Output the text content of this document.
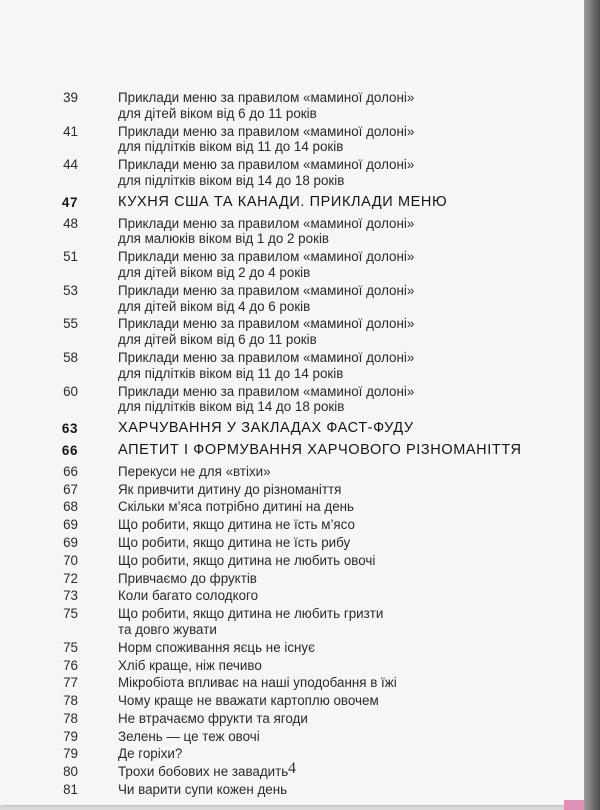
39	Приклади меню за правилом «маминої долоні»
для дітей віком від 6 до 11 років
41	Приклади меню за правилом «маминої долоні»
для підлітків віком від 11 до 14 років
44	Приклади меню за правилом «маминої долоні»
для підлітків віком від 14 до 18 років
47	КУХНЯ США ТА КАНАДИ. ПРИКЛАДИ МЕНЮ
48	Приклади меню за правилом «маминої долоні»
для малюків віком від 1 до 2 років
51	Приклади меню за правилом «маминої долоні»
для дітей віком від 2 до 4 років
53	Приклади меню за правилом «маминої долоні»
для дітей віком від 4 до 6 років
55	Приклади меню за правилом «маминої долоні»
для дітей віком від 6 до 11 років
58	Приклади меню за правилом «маминої долоні»
для підлітків віком від 11 до 14 років
60	Приклади меню за правилом «маминої долоні»
для підлітків віком від 14 до 18 років
63	ХАРЧУВАННЯ У ЗАКЛАДАХ ФАСТ-ФУДУ
66	АПЕТИТ І ФОРМУВАННЯ ХАРЧОВОГО РІЗНОМАНІТТЯ
66	Перекуси не для «втіхи»
67	Як привчити дитину до різноманіття
68	Скільки м’яса потрібно дитині на день
69	Що робити, якщо дитина не їсть м’ясо
69	Що робити, якщо дитина не їсть рибу
70	Що робити, якщо дитина не любить овочі
72	Привчаємо до фруктів
73	Коли багато солодкого
75	Що робити, якщо дитина не любить гризти
та довго жувати
75	Норм споживання яєць не існує
76	Хліб краще, ніж печиво
77	Мікробіота впливає на наші уподобання в їжі
78	Чому краще не вважати картоплю овочем
78	Не втрачаємо фрукти та ягоди
79	Зелень — це теж овочі
79	Де горіхи?
80	Трохи бобових не завадить
81	Чи варити супи кожен день
4
